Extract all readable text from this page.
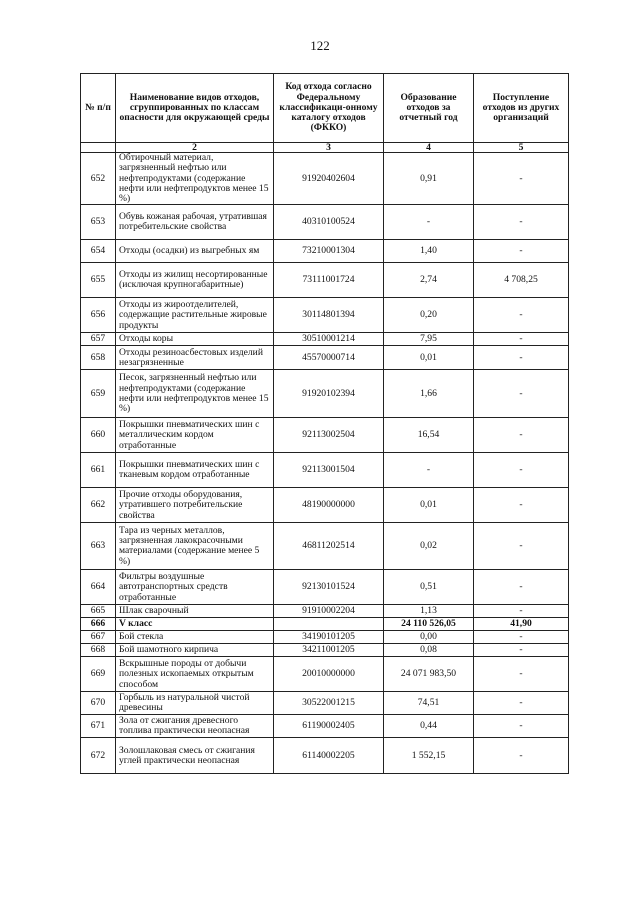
122
№ п/п	Наименование видов отходов, сгруппированных по классам опасности для окружающей среды	Код отхода согласно Федеральному классификаци-онному каталогу отходов (ФККО)	Образование отходов за отчетный год	Поступление отходов из других организаций
	2	3	4	5
652	Обтирочный материал, загрязненный нефтью или нефтепродуктами (содержание нефти или нефтепродуктов менее 15 %)	91920402604	0,91	-
653	Обувь кожаная рабочая, утратившая потребительские свойства	40310100524	-	-
654	Отходы (осадки) из выгребных ям	73210001304	1,40	-
655	Отходы из жилищ несортированные (исключая крупногабаритные)	73111001724	2,74	4 708,25
656	Отходы из жироотделителей, содержащие растительные жировые продукты	30114801394	0,20	-
657	Отходы коры	30510001214	7,95	-
658	Отходы резиноасбестовых изделий незагрязненные	45570000714	0,01	-
659	Песок, загрязненный нефтью или нефтепродуктами (содержание нефти или нефтепродуктов менее 15 %)	91920102394	1,66	-
660	Покрышки пневматических шин с металлическим кордом отработанные	92113002504	16,54	-
661	Покрышки пневматических шин с тканевым кордом отработанные	92113001504	-	-
662	Прочие отходы оборудования, утратившего потребительские свойства	48190000000	0,01	-
663	Тара из черных металлов, загрязненная лакокрасочными материалами (содержание менее 5 %)	46811202514	0,02	-
664	Фильтры воздушные автотранспортных средств отработанные	92130101524	0,51	-
665	Шлак сварочный	91910002204	1,13	-
666	V класс		24 110 526,05	41,90
667	Бой стекла	34190101205	0,00	-
668	Бой шамотного кирпича	34211001205	0,08	-
669	Вскрышные породы от добычи полезных ископаемых открытым способом	20010000000	24 071 983,50	-
670	Горбыль из натуральной чистой древесины	30522001215	74,51	-
671	Зола от сжигания древесного топлива практически неопасная	61190002405	0,44	-
672	Золошлаковая смесь от сжигания углей практически неопасная	61140002205	1 552,15	-
